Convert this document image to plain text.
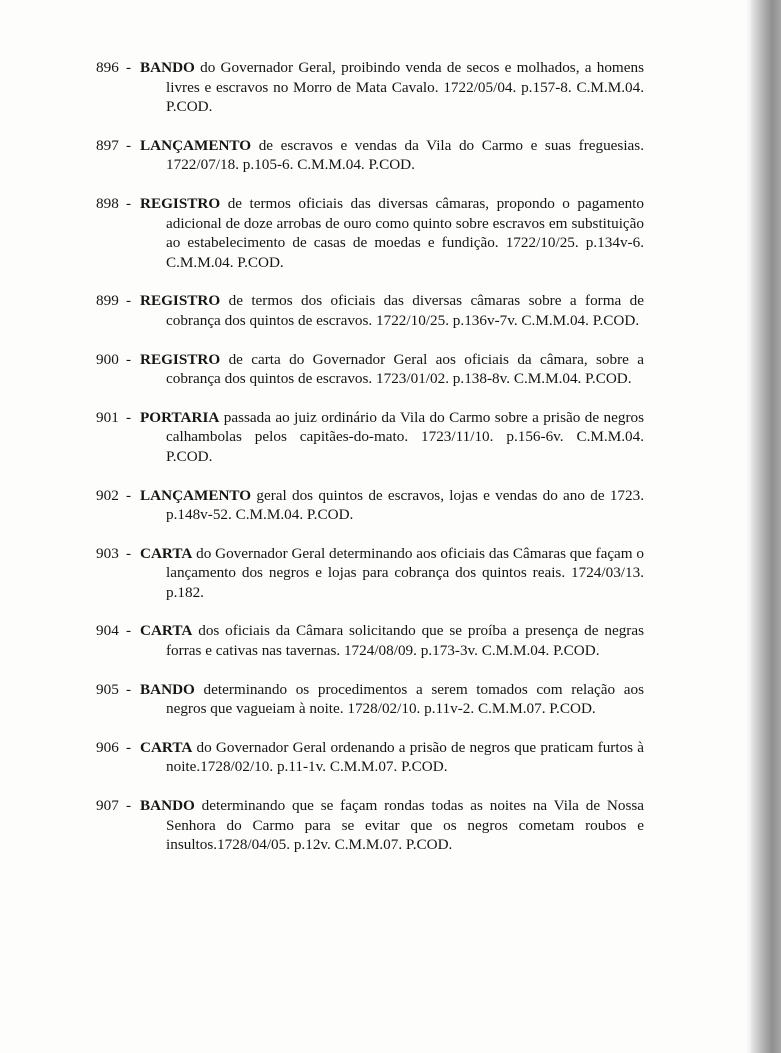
896 - BANDO do Governador Geral, proibindo venda de secos e molhados, a homens livres e escravos no Morro de Mata Cavalo. 1722/05/04. p.157-8. C.M.M.04. P.COD.
897 - LANÇAMENTO de escravos e vendas da Vila do Carmo e suas freguesias. 1722/07/18. p.105-6. C.M.M.04. P.COD.
898 - REGISTRO de termos oficiais das diversas câmaras, propondo o pagamento adicional de doze arrobas de ouro como quinto sobre escravos em substituição ao estabelecimento de casas de moedas e fundição. 1722/10/25. p.134v-6. C.M.M.04. P.COD.
899 - REGISTRO de termos dos oficiais das diversas câmaras sobre a forma de cobrança dos quintos de escravos. 1722/10/25. p.136v-7v. C.M.M.04. P.COD.
900 - REGISTRO de carta do Governador Geral aos oficiais da câmara, sobre a cobrança dos quintos de escravos. 1723/01/02. p.138-8v. C.M.M.04. P.COD.
901 - PORTARIA passada ao juiz ordinário da Vila do Carmo sobre a prisão de negros calhambolas pelos capitães-do-mato. 1723/11/10. p.156-6v. C.M.M.04. P.COD.
902 - LANÇAMENTO geral dos quintos de escravos, lojas e vendas do ano de 1723. p.148v-52. C.M.M.04. P.COD.
903 - CARTA do Governador Geral determinando aos oficiais das Câmaras que façam o lançamento dos negros e lojas para cobrança dos quintos reais. 1724/03/13. p.182.
904 - CARTA dos oficiais da Câmara solicitando que se proíba a presença de negras forras e cativas nas tavernas. 1724/08/09. p.173-3v. C.M.M.04. P.COD.
905 - BANDO determinando os procedimentos a serem tomados com relação aos negros que vagueiam à noite. 1728/02/10. p.11v-2. C.M.M.07. P.COD.
906 - CARTA do Governador Geral ordenando a prisão de negros que praticam furtos à noite.1728/02/10. p.11-1v. C.M.M.07. P.COD.
907 - BANDO determinando que se façam rondas todas as noites na Vila de Nossa Senhora do Carmo para se evitar que os negros cometam roubos e insultos.1728/04/05. p.12v. C.M.M.07. P.COD.
